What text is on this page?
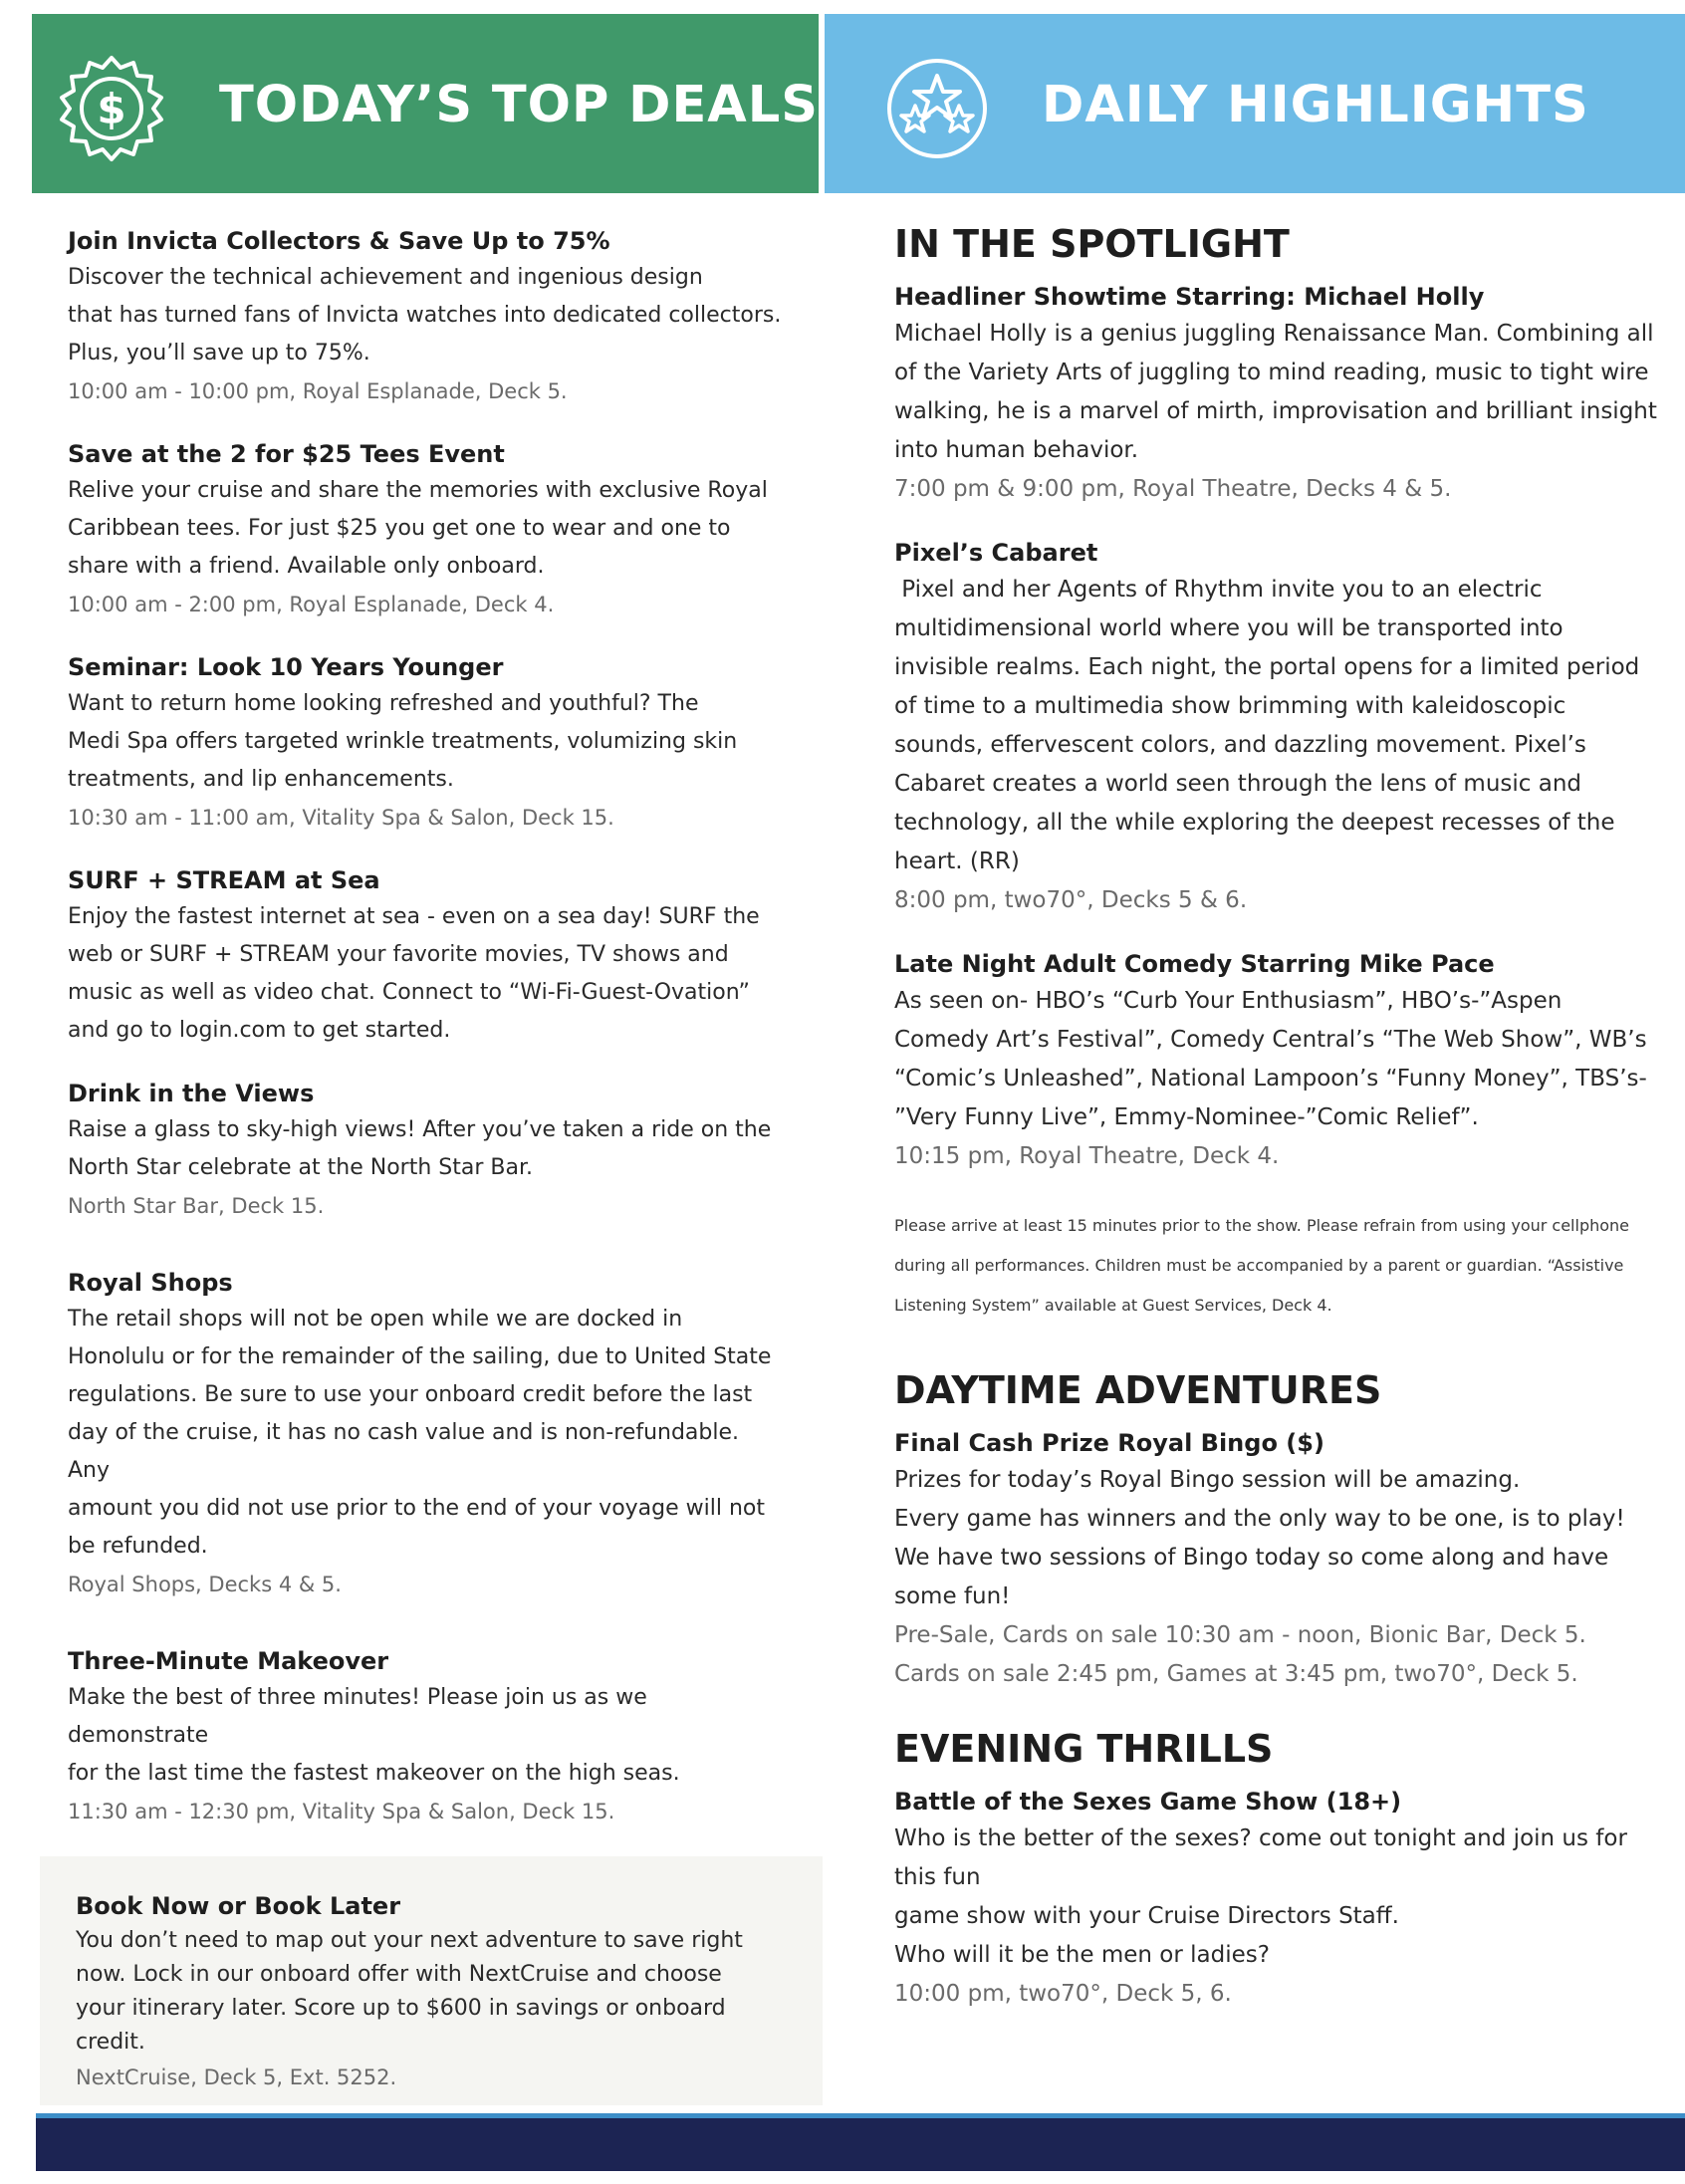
$ TODAY’S TOP DEALS	DAILY HIGHLIGHTS
Join Invicta Collectors & Save Up to 75%

Discover the technical achievement and ingenious design

that has turned fans of Invicta watches into dedicated collectors.

Plus, you’ll save up to 75%.

10:00 am - 10:00 pm, Royal Esplanade, Deck 5.

Save at the 2 for $25 Tees Event

Relive your cruise and share the memories with exclusive Royal

Caribbean tees. For just $25 you get one to wear and one to

share with a friend. Available only onboard.

10:00 am - 2:00 pm, Royal Esplanade, Deck 4.

Seminar: Look 10 Years Younger

Want to return home looking refreshed and youthful? The

Medi Spa offers targeted wrinkle treatments, volumizing skin

treatments, and lip enhancements.

10:30 am - 11:00 am, Vitality Spa & Salon, Deck 15.

SURF + STREAM at Sea

Enjoy the fastest internet at sea - even on a sea day! SURF the

web or SURF + STREAM your favorite movies, TV shows and

music as well as video chat. Connect to “Wi-Fi-Guest-Ovation”

and go to login.com to get started.

Drink in the Views

Raise a glass to sky-high views! After you’ve taken a ride on the

North Star celebrate at the North Star Bar.

North Star Bar, Deck 15.

Royal Shops

The retail shops will not be open while we are docked in

Honolulu or for the remainder of the sailing, due to United State

regulations. Be sure to use your onboard credit before the last

day of the cruise, it has no cash value and is non-refundable. Any

amount you did not use prior to the end of your voyage will not

be refunded.

Royal Shops, Decks 4 & 5.

Three-Minute Makeover

Make the best of three minutes! Please join us as we demonstrate

for the last time the fastest makeover on the high seas.

11:30 am - 12:30 pm, Vitality Spa & Salon, Deck 15.

Book Now or Book Later

You don’t need to map out your next adventure to save right

now. Lock in our onboard offer with NextCruise and choose

your itinerary later. Score up to $600 in savings or onboard

credit.

NextCruise, Deck 5, Ext. 5252.

IN THE SPOTLIGHT
Headliner Showtime Starring: Michael Holly

Michael Holly is a genius juggling Renaissance Man. Combining all

of the Variety Arts of juggling to mind reading, music to tight wire

walking, he is a marvel of mirth, improvisation and brilliant insight

into human behavior.

7:00 pm & 9:00 pm, Royal Theatre, Decks 4 & 5.

Pixel’s Cabaret

Pixel and her Agents of Rhythm invite you to an electric

multidimensional world where you will be transported into

invisible realms. Each night, the portal opens for a limited period

of time to a multimedia show brimming with kaleidoscopic

sounds, effervescent colors, and dazzling movement. Pixel’s

Cabaret creates a world seen through the lens of music and

technology, all the while exploring the deepest recesses of the

heart. (RR)

8:00 pm, two70°, Decks 5 & 6.

Late Night Adult Comedy Starring Mike Pace

As seen on- HBO’s “Curb Your Enthusiasm”, HBO’s-”Aspen

Comedy Art’s Festival”, Comedy Central’s “The Web Show”, WB’s

“Comic’s Unleashed”, National Lampoon’s “Funny Money”, TBS’s-

”Very Funny Live”, Emmy-Nominee-”Comic Relief”.

10:15 pm, Royal Theatre, Deck 4.

Please arrive at least 15 minutes prior to the show. Please refrain from using your cellphone
during all performances. Children must be accompanied by a parent or guardian. “Assistive
Listening System” available at Guest Services, Deck 4.
DAYTIME ADVENTURES
Final Cash Prize Royal Bingo ($)

Prizes for today’s Royal Bingo session will be amazing.

Every game has winners and the only way to be one, is to play!

We have two sessions of Bingo today so come along and have some fun!

Pre-Sale, Cards on sale 10:30 am - noon, Bionic Bar, Deck 5.

Cards on sale 2:45 pm, Games at 3:45 pm, two70°, Deck 5.

EVENING THRILLS
Battle of the Sexes Game Show (18+)

Who is the better of the sexes? come out tonight and join us for this fun

game show with your Cruise Directors Staff.

Who will it be the men or ladies?

10:00 pm, two70°, Deck 5, 6.
